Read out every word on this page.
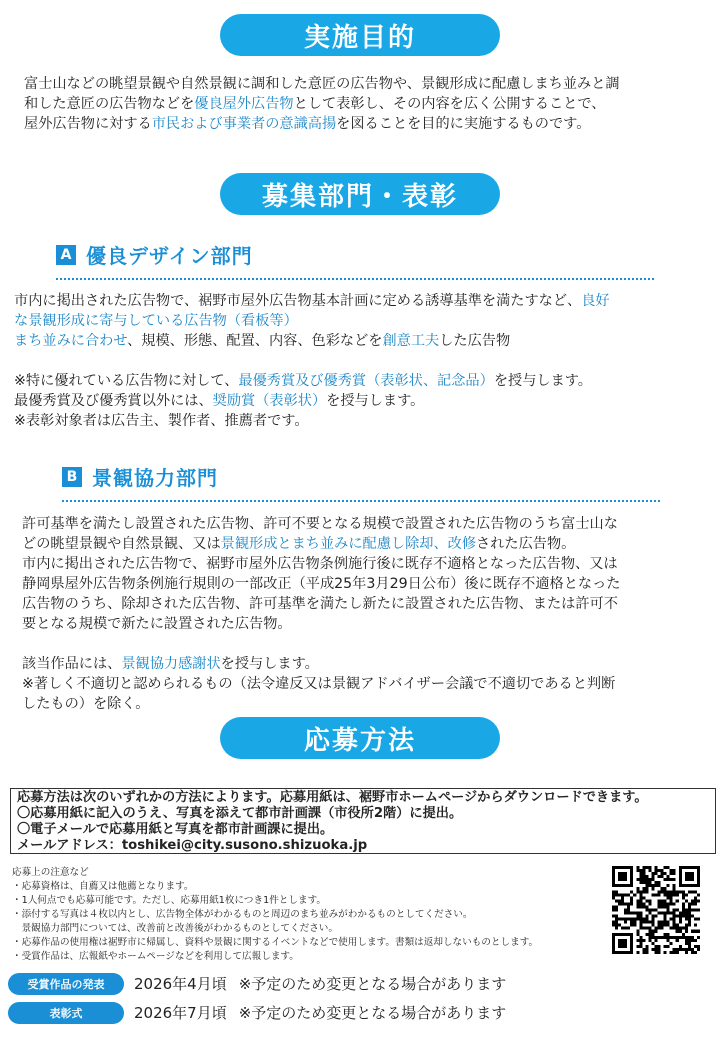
実施目的
富士山などの眺望景観や自然景観に調和した意匠の広告物や、景観形成に配慮しまち並みと調
和した意匠の広告物などを優良屋外広告物として表彰し、その内容を広く公開することで、
屋外広告物に対する市民および事業者の意識高揚を図ることを目的に実施するものです。
募集部門・表彰
A 優良デザイン部門
市内に掲出された広告物で、裾野市屋外広告物基本計画に定める誘導基準を満たすなど、良好
な景観形成に寄与している広告物（看板等）
まち並みに合わせ、規模、形態、配置、内容、色彩などを創意工夫した広告物
※特に優れている広告物に対して、最優秀賞及び優秀賞（表彰状、記念品）を授与します。
最優秀賞及び優秀賞以外には、奨励賞（表彰状）を授与します。
※表彰対象者は広告主、製作者、推薦者です。
B 景観協力部門
許可基準を満たし設置された広告物、許可不要となる規模で設置された広告物のうち富士山な
どの眺望景観や自然景観、又は景観形成とまち並みに配慮し除却、改修された広告物。
市内に掲出された広告物で、裾野市屋外広告物条例施行後に既存不適格となった広告物、又は
静岡県屋外広告物条例施行規則の一部改正（平成25年3月29日公布）後に既存不適格となった
広告物のうち、除却された広告物、許可基準を満たし新たに設置された広告物、または許可不
要となる規模で新たに設置された広告物。
該当作品には、景観協力感謝状を授与します。
※著しく不適切と認められるもの（法令違反又は景観アドバイザー会議で不適切であると判断
したもの）を除く。
応募方法
応募方法は次のいずれかの方法によります。応募用紙は、裾野市ホームページからダウンロードできます。
〇応募用紙に記入のうえ、写真を添えて都市計画課（市役所2階）に提出。
〇電子メールで応募用紙と写真を都市計画課に提出。
メールアドレス：toshikei@city.susono.shizuoka.jp
応募上の注意など
・応募資格は、自薦又は他薦となります。
・1人何点でも応募可能です。ただし、応募用紙1枚につき1件とします。
・添付する写真は４枚以内とし、広告物全体がわかるものと周辺のまち並みがわかるものとしてください。
　景観協力部門については、改善前と改善後がわかるものとしてください。
・応募作品の使用権は裾野市に帰属し、資料や景観に関するイベントなどで使用します。書類は返却しないものとします。
・受賞作品は、広報紙やホームページなどを利用して広報します。
受賞作品の発表	2026年4月頃 ※予定のため変更となる場合があります
表彰式	2026年7月頃 ※予定のため変更となる場合があります
